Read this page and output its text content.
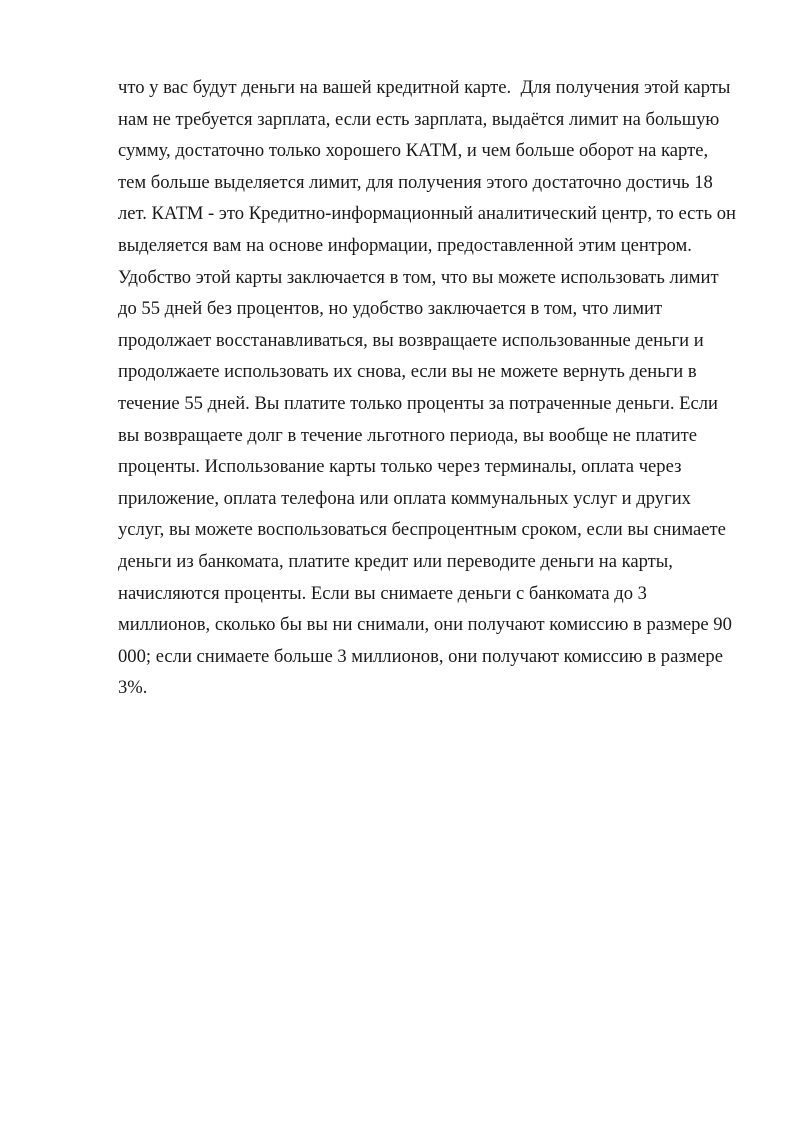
что у вас будут деньги на вашей кредитной карте.  Для получения этой карты
нам не требуется зарплата, если есть зарплата, выдаётся лимит на большую
сумму, достаточно только хорошего КАТМ, и чем больше оборот на карте,
тем больше выделяется лимит, для получения этого достаточно достичь 18
лет. КАТМ - это Кредитно-информационный аналитический центр, то есть он
выделяется вам на основе информации, предоставленной этим центром.
Удобство этой карты заключается в том, что вы можете использовать лимит
до 55 дней без процентов, но удобство заключается в том, что лимит
продолжает восстанавливаться, вы возвращаете использованные деньги и
продолжаете использовать их снова, если вы не можете вернуть деньги в
течение 55 дней. Вы платите только проценты за потраченные деньги. Если
вы возвращаете долг в течение льготного периода, вы вообще не платите
проценты. Использование карты только через терминалы, оплата через
приложение, оплата телефона или оплата коммунальных услуг и других
услуг, вы можете воспользоваться беспроцентным сроком, если вы снимаете
деньги из банкомата, платите кредит или переводите деньги на карты,
начисляются проценты. Если вы снимаете деньги с банкомата до 3
миллионов, сколько бы вы ни снимали, они получают комиссию в размере 90
000; если снимаете больше 3 миллионов, они получают комиссию в размере
3%.
